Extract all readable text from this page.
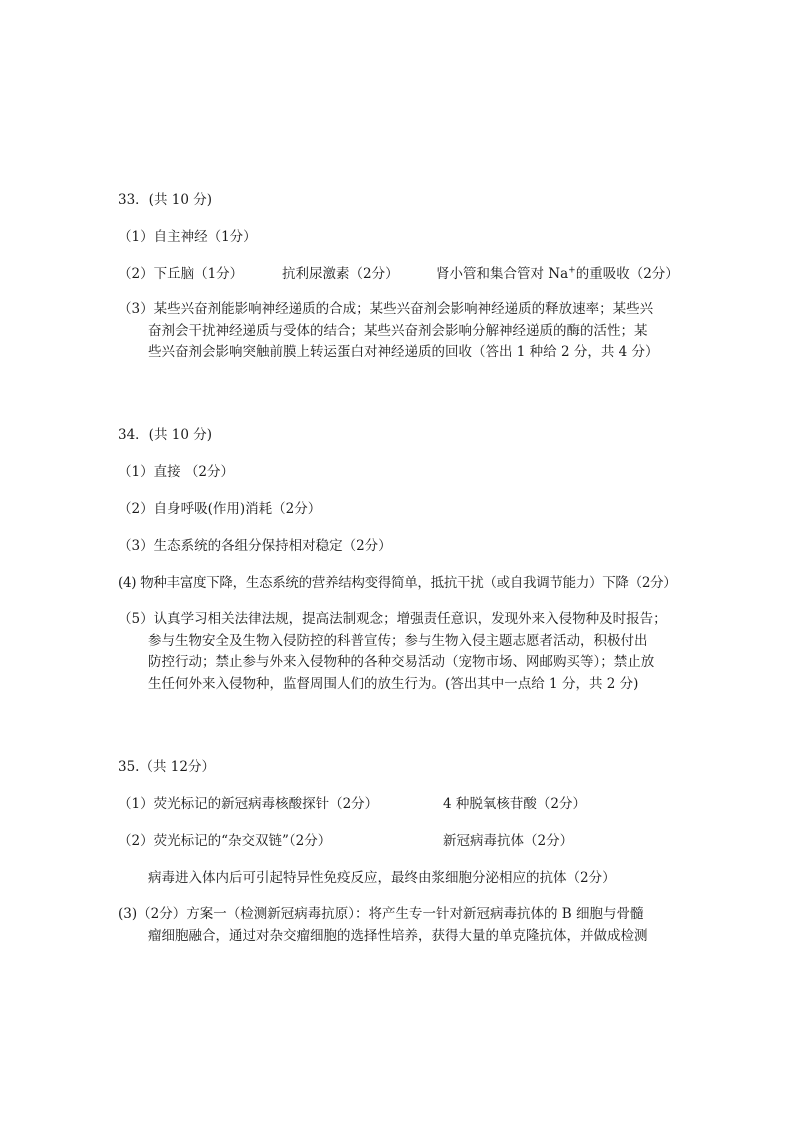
33．(共 10 分)
（1）自主神经（1分）
（2）下丘脑（1分）	抗利尿激素（2分）	肾小管和集合管对 Na+的重吸收（2分）
（3）某些兴奋剂能影响神经递质的合成；某些兴奋剂会影响神经递质的释放速率；某些兴
奋剂会干扰神经递质与受体的结合；某些兴奋剂会影响分解神经递质的酶的活性；某
些兴奋剂会影响突触前膜上转运蛋白对神经递质的回收（答出 1 种给 2 分，共 4 分）
34．(共 10 分)
（1）直接 （2分）
（2）自身呼吸(作用)消耗（2分）
（3）生态系统的各组分保持相对稳定（2分）
(4) 物种丰富度下降，生态系统的营养结构变得简单，抵抗干扰（或自我调节能力）下降（2分）
（5）认真学习相关法律法规，提高法制观念；增强责任意识，发现外来入侵物种及时报告；
参与生物安全及生物入侵防控的科普宣传；参与生物入侵主题志愿者活动，积极付出
防控行动；禁止参与外来入侵物种的各种交易活动（宠物市场、网邮购买等）；禁止放
生任何外来入侵物种，监督周围人们的放生行为。(答出其中一点给 1 分，共 2 分)
35.（共 12分）
（1）荧光标记的新冠病毒核酸探针（2分）	4 种脱氧核苷酸（2分）
（2）荧光标记的“杂交双链”（2分）	新冠病毒抗体（2分）
病毒进入体内后可引起特异性免疫反应，最终由浆细胞分泌相应的抗体（2分）
(3)（2分）方案一（检测新冠病毒抗原）：将产生专一针对新冠病毒抗体的 B 细胞与骨髓
瘤细胞融合，通过对杂交瘤细胞的选择性培养，获得大量的单克隆抗体，并做成检测
